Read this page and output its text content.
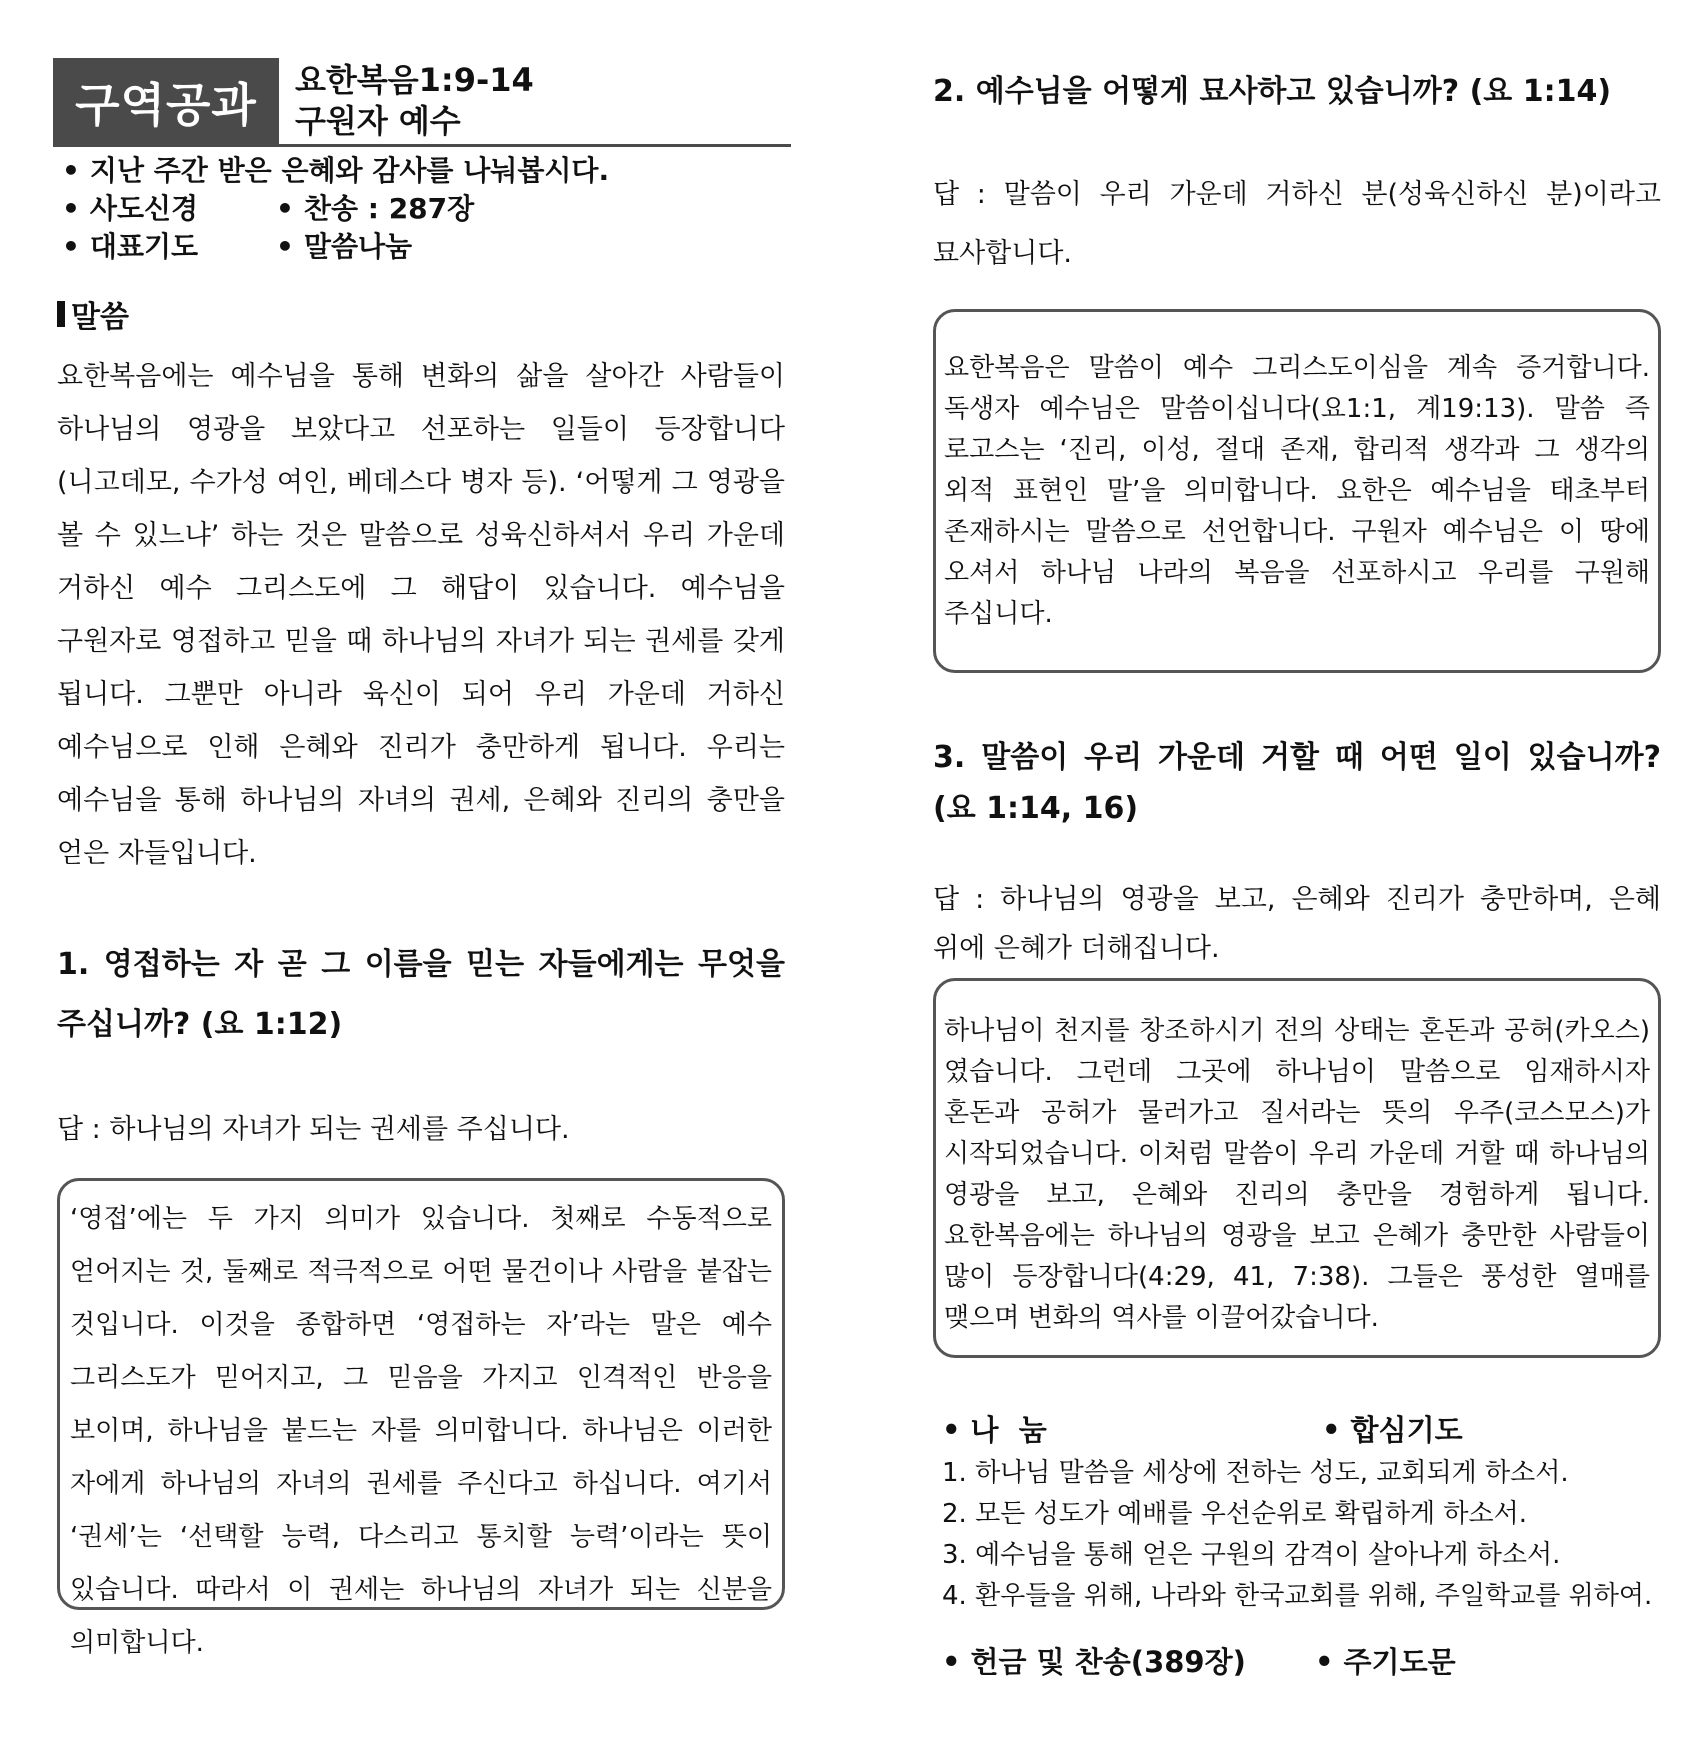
구역공과	요한복음1:9-14
구원자 예수
• 지난 주간 받은 은혜와 감사를 나눠봅시다.
• 사도신경	• 찬송 : 287장
• 대표기도	• 말씀나눔
말씀
요한복음에는 예수님을 통해 변화의 삶을 살아간 사람들이 하나님의 영광을 보았다고 선포하는 일들이 등장합니다(니고데모, 수가성 여인, 베데스다 병자 등). ‘어떻게 그 영광을 볼 수 있느냐’ 하는 것은 말씀으로 성육신하셔서 우리 가운데 거하신 예수 그리스도에 그 해답이 있습니다. 예수님을 구원자로 영접하고 믿을 때 하나님의 자녀가 되는 권세를 갖게 됩니다. 그뿐만 아니라 육신이 되어 우리 가운데 거하신 예수님으로 인해 은혜와 진리가 충만하게 됩니다. 우리는 예수님을 통해 하나님의 자녀의 권세, 은혜와 진리의 충만을 얻은 자들입니다.
1. 영접하는 자 곧 그 이름을 믿는 자들에게는 무엇을 주십니까? (요 1:12)
답 : 하나님의 자녀가 되는 권세를 주십니다.
‘영접’에는 두 가지 의미가 있습니다. 첫째로 수동적으로 얻어지는 것, 둘째로 적극적으로 어떤 물건이나 사람을 붙잡는 것입니다. 이것을 종합하면 ‘영접하는 자’라는 말은 예수 그리스도가 믿어지고, 그 믿음을 가지고 인격적인 반응을 보이며, 하나님을 붙드는 자를 의미합니다. 하나님은 이러한 자에게 하나님의 자녀의 권세를 주신다고 하십니다. 여기서 ‘권세’는 ‘선택할 능력, 다스리고 통치할 능력’이라는 뜻이 있습니다. 따라서 이 권세는 하나님의 자녀가 되는 신분을 의미합니다.
2. 예수님을 어떻게 묘사하고 있습니까? (요 1:14)
답 : 말씀이 우리 가운데 거하신 분(성육신하신 분)이라고 묘사합니다.
요한복음은 말씀이 예수 그리스도이심을 계속 증거합니다. 독생자 예수님은 말씀이십니다(요1:1, 계19:13). 말씀 즉 로고스는 ‘진리, 이성, 절대 존재, 합리적 생각과 그 생각의 외적 표현인 말’을 의미합니다. 요한은 예수님을 태초부터 존재하시는 말씀으로 선언합니다. 구원자 예수님은 이 땅에 오셔서 하나님 나라의 복음을 선포하시고 우리를 구원해 주십니다.
3. 말씀이 우리 가운데 거할 때 어떤 일이 있습니까? (요 1:14, 16)
답 : 하나님의 영광을 보고, 은혜와 진리가 충만하며, 은혜 위에 은혜가 더해집니다.
하나님이 천지를 창조하시기 전의 상태는 혼돈과 공허(카오스)였습니다. 그런데 그곳에 하나님이 말씀으로 임재하시자 혼돈과 공허가 물러가고 질서라는 뜻의 우주(코스모스)가 시작되었습니다. 이처럼 말씀이 우리 가운데 거할 때 하나님의 영광을 보고, 은혜와 진리의 충만을 경험하게 됩니다. 요한복음에는 하나님의 영광을 보고 은혜가 충만한 사람들이 많이 등장합니다(4:29, 41, 7:38). 그들은 풍성한 열매를 맺으며 변화의 역사를 이끌어갔습니다.
• 나  눔	• 합심기도
1. 하나님 말씀을 세상에 전하는 성도, 교회되게 하소서.
2. 모든 성도가 예배를 우선순위로 확립하게 하소서.
3. 예수님을 통해 얻은 구원의 감격이 살아나게 하소서.
4. 환우들을 위해, 나라와 한국교회를 위해, 주일학교를 위하여.
• 헌금 및 찬송(389장) • 주기도문
